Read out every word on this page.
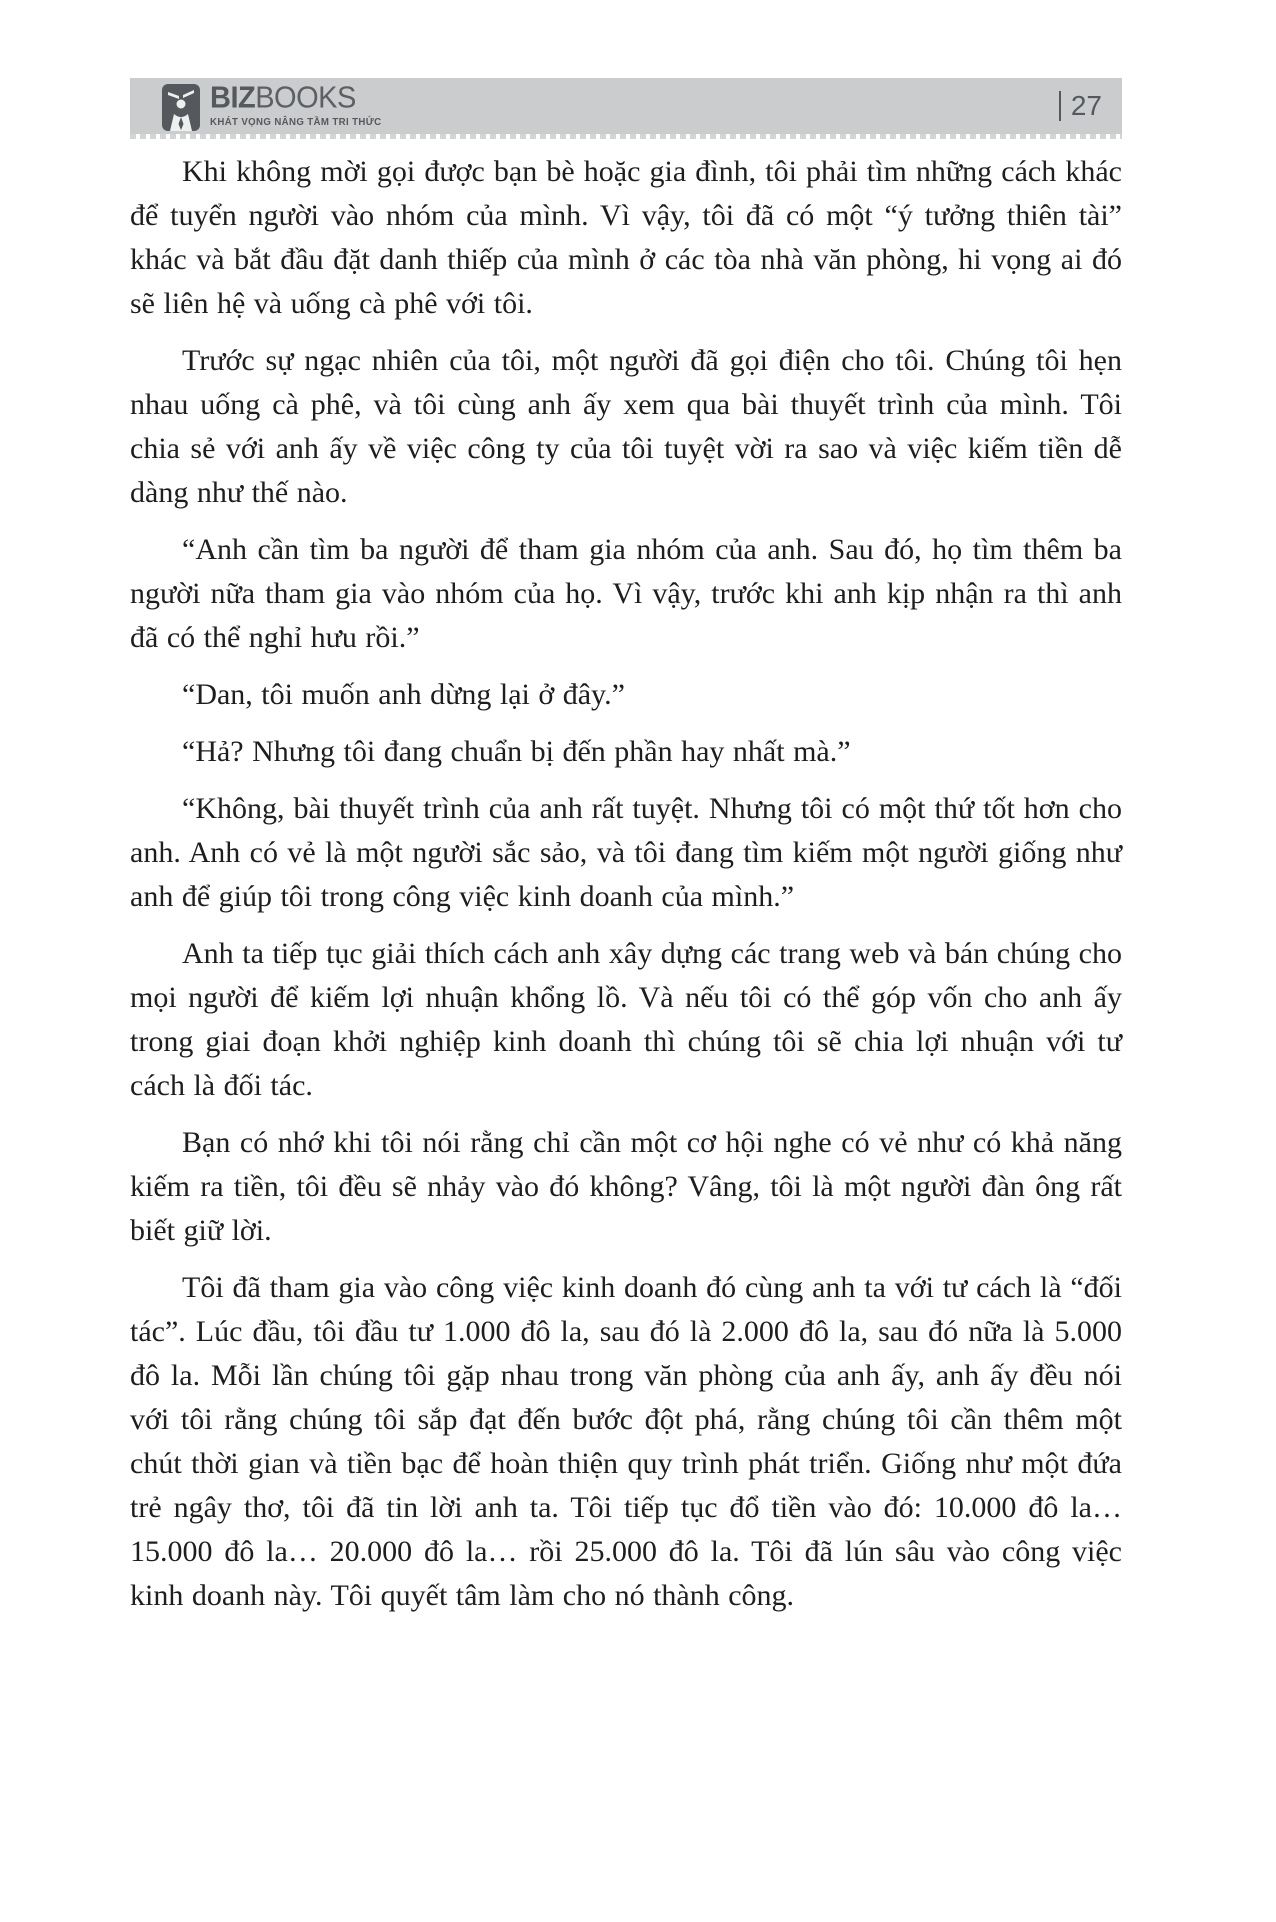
BIZBOOKS
KHÁT VỌNG NÂNG TẦM TRI THỨC
27

Khi không mời gọi được bạn bè hoặc gia đình, tôi phải tìm những cách khác để tuyển người vào nhóm của mình. Vì vậy, tôi đã có một “ý tưởng thiên tài” khác và bắt đầu đặt danh thiếp của mình ở các tòa nhà văn phòng, hi vọng ai đó sẽ liên hệ và uống cà phê với tôi.

Trước sự ngạc nhiên của tôi, một người đã gọi điện cho tôi. Chúng tôi hẹn nhau uống cà phê, và tôi cùng anh ấy xem qua bài thuyết trình của mình. Tôi chia sẻ với anh ấy về việc công ty của tôi tuyệt vời ra sao và việc kiếm tiền dễ dàng như thế nào.

“Anh cần tìm ba người để tham gia nhóm của anh. Sau đó, họ tìm thêm ba người nữa tham gia vào nhóm của họ. Vì vậy, trước khi anh kịp nhận ra thì anh đã có thể nghỉ hưu rồi.”

“Dan, tôi muốn anh dừng lại ở đây.”

“Hả? Nhưng tôi đang chuẩn bị đến phần hay nhất mà.”

“Không, bài thuyết trình của anh rất tuyệt. Nhưng tôi có một thứ tốt hơn cho anh. Anh có vẻ là một người sắc sảo, và tôi đang tìm kiếm một người giống như anh để giúp tôi trong công việc kinh doanh của mình.”

Anh ta tiếp tục giải thích cách anh xây dựng các trang web và bán chúng cho mọi người để kiếm lợi nhuận khổng lồ. Và nếu tôi có thể góp vốn cho anh ấy trong giai đoạn khởi nghiệp kinh doanh thì chúng tôi sẽ chia lợi nhuận với tư cách là đối tác.

Bạn có nhớ khi tôi nói rằng chỉ cần một cơ hội nghe có vẻ như có khả năng kiếm ra tiền, tôi đều sẽ nhảy vào đó không? Vâng, tôi là một người đàn ông rất biết giữ lời.

Tôi đã tham gia vào công việc kinh doanh đó cùng anh ta với tư cách là “đối tác”. Lúc đầu, tôi đầu tư 1.000 đô la, sau đó là 2.000 đô la, sau đó nữa là 5.000 đô la. Mỗi lần chúng tôi gặp nhau trong văn phòng của anh ấy, anh ấy đều nói với tôi rằng chúng tôi sắp đạt đến bước đột phá, rằng chúng tôi cần thêm một chút thời gian và tiền bạc để hoàn thiện quy trình phát triển. Giống như một đứa trẻ ngây thơ, tôi đã tin lời anh ta. Tôi tiếp tục đổ tiền vào đó: 10.000 đô la… 15.000 đô la… 20.000 đô la… rồi 25.000 đô la. Tôi đã lún sâu vào công việc kinh doanh này. Tôi quyết tâm làm cho nó thành công.
